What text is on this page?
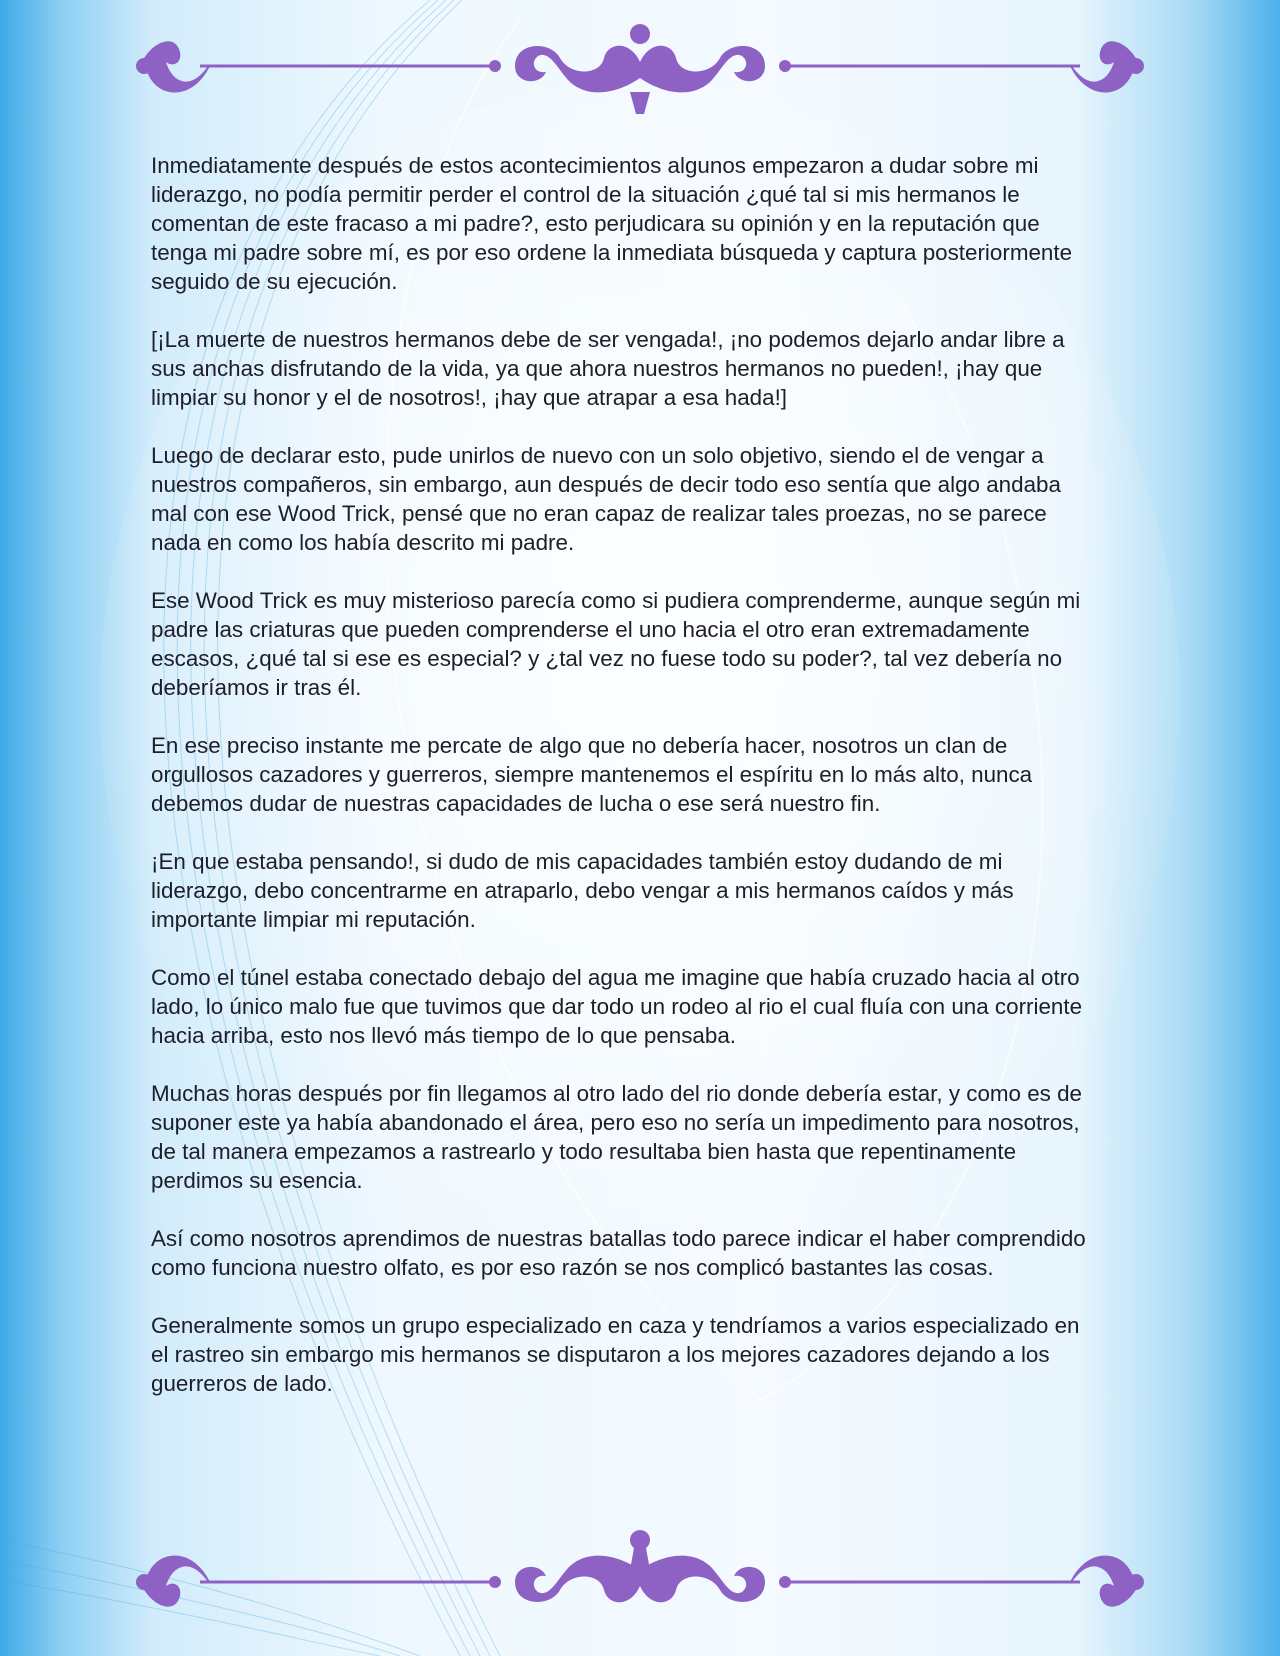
Inmediatamente después de estos acontecimientos algunos empezaron a dudar sobre mi liderazgo, no podía permitir perder el control de la situación ¿qué tal si mis hermanos le comentan de este fracaso a mi padre?, esto perjudicara su opinión y en la reputación que tenga mi padre sobre mí, es por eso ordene la inmediata búsqueda y captura posteriormente seguido de su ejecución.

[¡La muerte de nuestros hermanos debe de ser vengada!, ¡no podemos dejarlo andar libre a sus anchas disfrutando de la vida, ya que ahora nuestros hermanos no pueden!, ¡hay que limpiar su honor y el de nosotros!, ¡hay que atrapar a esa hada!]

Luego de declarar esto, pude unirlos de nuevo con un solo objetivo, siendo el de vengar a nuestros compañeros, sin embargo, aun después de decir todo eso sentía que algo andaba mal con ese Wood Trick, pensé que no eran capaz de realizar tales proezas, no se parece nada en como los había descrito mi padre.

Ese Wood Trick es muy misterioso parecía como si pudiera comprenderme, aunque según mi padre las criaturas que pueden comprenderse el uno hacia el otro eran extremadamente escasos, ¿qué tal si ese es especial? y ¿tal vez no fuese todo su poder?, tal vez debería no deberíamos ir tras él.

En ese preciso instante me percate de algo que no debería hacer, nosotros un clan de orgullosos cazadores y guerreros, siempre mantenemos el espíritu en lo más alto, nunca debemos dudar de nuestras capacidades de lucha o ese será nuestro fin.

¡En que estaba pensando!, si dudo de mis capacidades también estoy dudando de mi liderazgo, debo concentrarme en atraparlo, debo vengar a mis hermanos caídos y más importante limpiar mi reputación.

Como el túnel estaba conectado debajo del agua me imagine que había cruzado hacia al otro lado, lo único malo fue que tuvimos que dar todo un rodeo al rio el cual fluía con una corriente hacia arriba, esto nos llevó más tiempo de lo que pensaba.

Muchas horas después por fin llegamos al otro lado del rio donde debería estar, y como es de suponer este ya había abandonado el área, pero eso no sería un impedimento para nosotros, de tal manera empezamos a rastrearlo y todo resultaba bien hasta que repentinamente perdimos su esencia.

Así como nosotros aprendimos de nuestras batallas todo parece indicar el haber comprendido como funciona nuestro olfato, es por eso razón se nos complicó bastantes las cosas.

Generalmente somos un grupo especializado en caza y tendríamos a varios especializado en el rastreo sin embargo mis hermanos se disputaron a los mejores cazadores dejando a los guerreros de lado.
